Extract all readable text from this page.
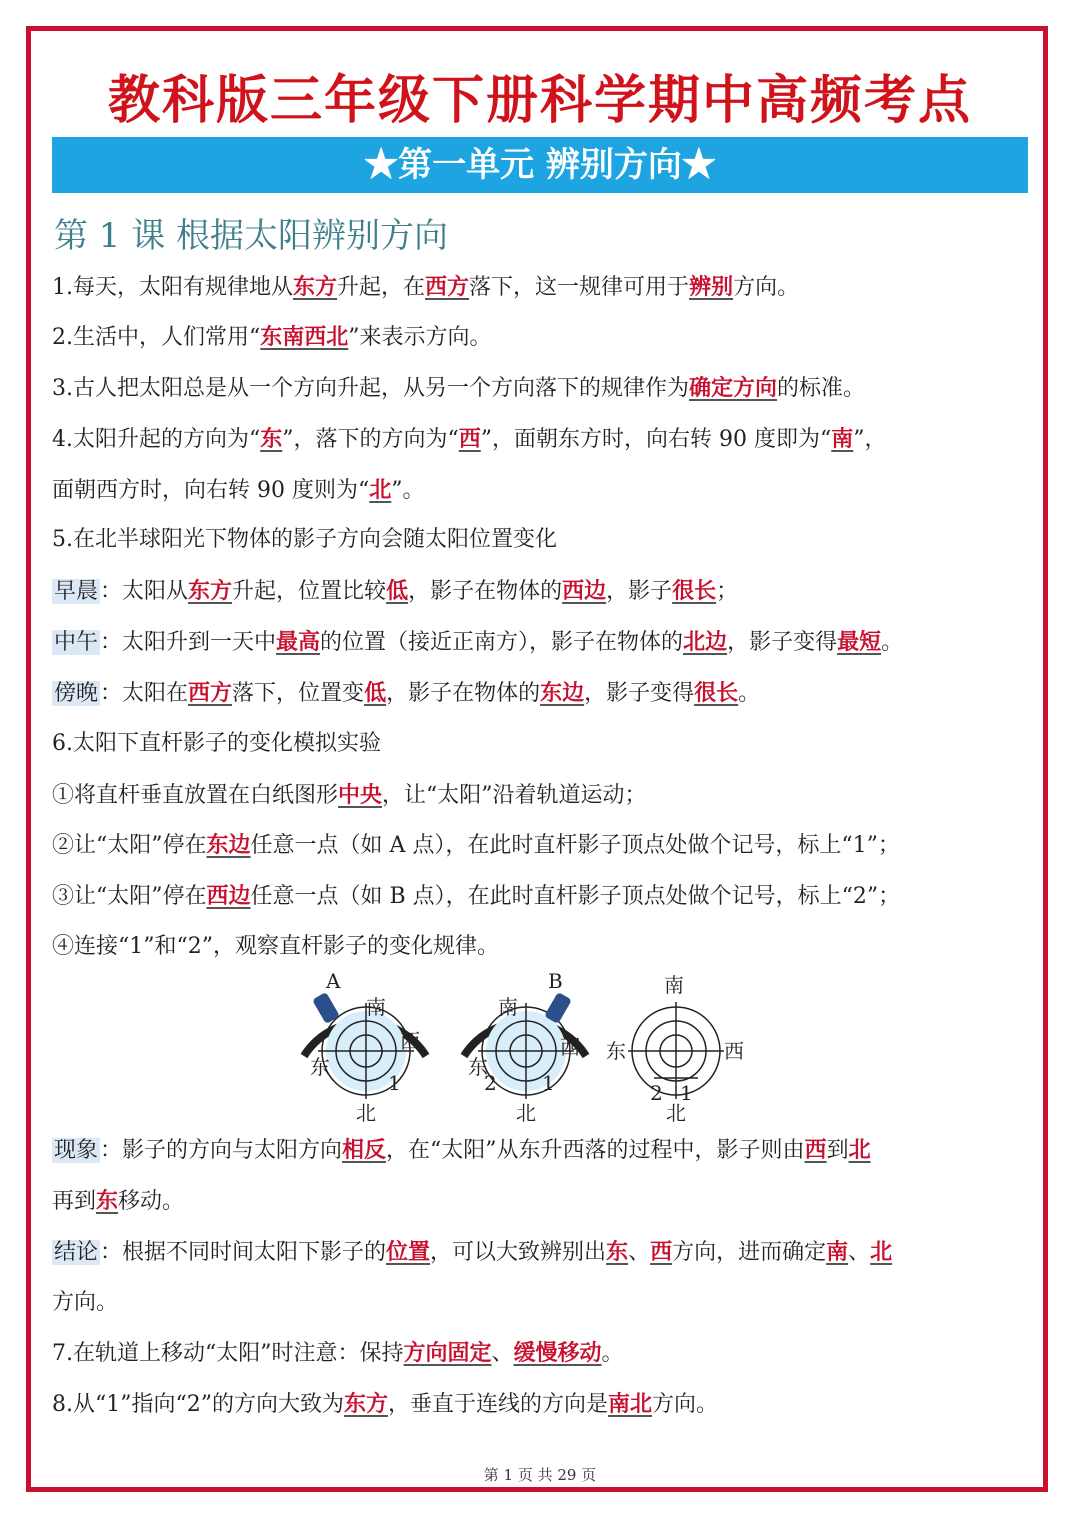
教科版三年级下册科学期中高频考点
★第一单元 辨别方向★
第 1 课 根据太阳辨别方向
1.每天，太阳有规律地从东方升起，在西方落下，这一规律可用于辨别方向。
2.生活中，人们常用“东南西北”来表示方向。
3.古人把太阳总是从一个方向升起，从另一个方向落下的规律作为确定方向的标准。
4.太阳升起的方向为“东”，落下的方向为“西”，面朝东方时，向右转 90 度即为“南”，
面朝西方时，向右转 90 度则为“北”。
5.在北半球阳光下物体的影子方向会随太阳位置变化
早晨：太阳从东方升起，位置比较低，影子在物体的西边，影子很长；
中午：太阳升到一天中最高的位置（接近正南方），影子在物体的北边，影子变得最短。
傍晚：太阳在西方落下，位置变低，影子在物体的东边，影子变得很长。
6.太阳下直杆影子的变化模拟实验
①将直杆垂直放置在白纸图形中央，让“太阳”沿着轨道运动；
②让“太阳”停在东边任意一点（如 A 点），在此时直杆影子顶点处做个记号，标上“1”；
③让“太阳”停在西边任意一点（如 B 点），在此时直杆影子顶点处做个记号，标上“2”；
④连接“1”和“2”，观察直杆影子的变化规律。
现象：影子的方向与太阳方向相反，在“太阳”从东升西落的过程中，影子则由西到北
再到东移动。
结论：根据不同时间太阳下影子的位置，可以大致辨别出东、西方向，进而确定南、北
方向。
7.在轨道上移动“太阳”时注意：保持方向固定、缓慢移动。
8.从“1”指向“2”的方向大致为东方，垂直于连线的方向是南北方向。
A
南
西
东
北
1
B
南
西
东
北
1
2
南
西
东
北
1
2
第 1 页 共 29 页
